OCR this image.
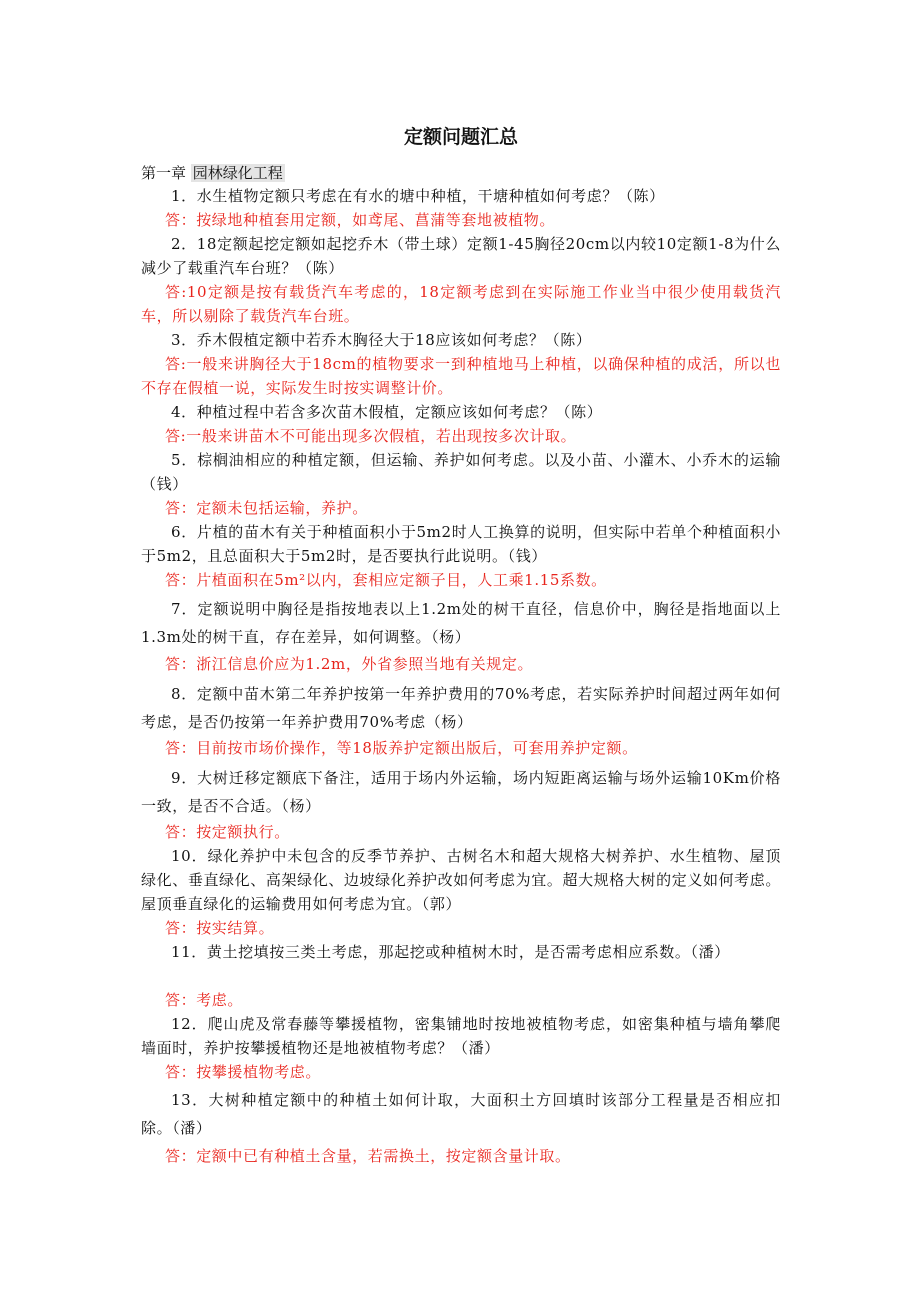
定额问题汇总
第一章 园林绿化工程

1．水生植物定额只考虑在有水的塘中种植，干塘种植如何考虑？（陈）

答：按绿地种植套用定额，如鸢尾、菖蒲等套地被植物。

2．18定额起挖定额如起挖乔木（带土球）定额1-45胸径20cm以内较10定额1-8为什么减少了载重汽车台班？（陈）

答:10定额是按有载货汽车考虑的，18定额考虑到在实际施工作业当中很少使用载货汽车，所以剔除了载货汽车台班。

3．乔木假植定额中若乔木胸径大于18应该如何考虑？（陈）

答:一般来讲胸径大于18cm的植物要求一到种植地马上种植，以确保种植的成活，所以也不存在假植一说，实际发生时按实调整计价。

4．种植过程中若含多次苗木假植，定额应该如何考虑？（陈）

答:一般来讲苗木不可能出现多次假植，若出现按多次计取。

5．棕榈油相应的种植定额，但运输、养护如何考虑。以及小苗、小灌木、小乔木的运输（钱）

答：定额未包括运输，养护。

6．片植的苗木有关于种植面积小于5m2时人工换算的说明，但实际中若单个种植面积小于5m2，且总面积大于5m2时，是否要执行此说明。（钱）

答：片植面积在5m²以内，套相应定额子目，人工乘1.15系数。

7．定额说明中胸径是指按地表以上1.2m处的树干直径，信息价中，胸径是指地面以上1.3m处的树干直，存在差异，如何调整。（杨）

答：浙江信息价应为1.2m，外省参照当地有关规定。

8．定额中苗木第二年养护按第一年养护费用的70%考虑，若实际养护时间超过两年如何考虑，是否仍按第一年养护费用70%考虑（杨）

答：目前按市场价操作，等18版养护定额出版后，可套用养护定额。

9．大树迁移定额底下备注，适用于场内外运输，场内短距离运输与场外运输10Km价格一致，是否不合适。（杨）

答：按定额执行。

10．绿化养护中未包含的反季节养护、古树名木和超大规格大树养护、水生植物、屋顶绿化、垂直绿化、高架绿化、边坡绿化养护改如何考虑为宜。超大规格大树的定义如何考虑。屋顶垂直绿化的运输费用如何考虑为宜。（郭）

答：按实结算。

11．黄土挖填按三类土考虑，那起挖或种植树木时，是否需考虑相应系数。（潘）

答：考虑。

12．爬山虎及常春藤等攀援植物，密集铺地时按地被植物考虑，如密集种植与墙角攀爬墙面时，养护按攀援植物还是地被植物考虑？（潘）

答：按攀援植物考虑。

13．大树种植定额中的种植土如何计取，大面积土方回填时该部分工程量是否相应扣除。（潘）

答：定额中已有种植土含量，若需换土，按定额含量计取。
